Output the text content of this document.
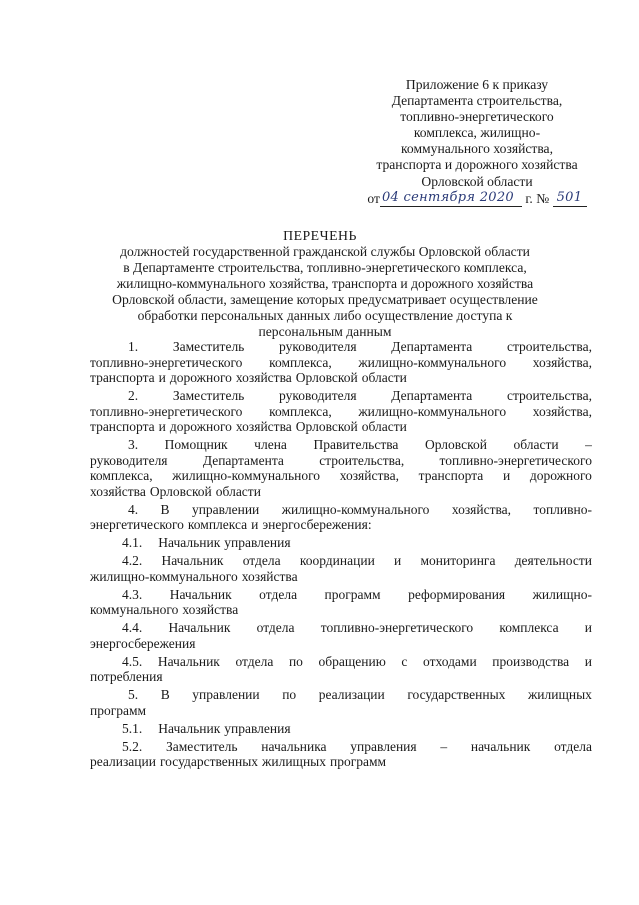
Приложение 6 к приказу
Департамента строительства,
топливно-энергетического
комплекса, жилищно-
коммунального хозяйства,
транспорта и дорожного хозяйства
Орловской области
от 04 сентября 2020 г. № 501
ПЕРЕЧЕНЬ
должностей государственной гражданской службы Орловской области
в Департаменте строительства, топливно-энергетического комплекса,
жилищно-коммунального хозяйства, транспорта и дорожного хозяйства
Орловской области, замещение которых предусматривает осуществление
обработки персональных данных либо осуществление доступа к
персональным данным
1.	Заместитель	руководителя	Департамента	строительства,
топливно-энергетического комплекса, жилищно-коммунального хозяйства,
транспорта и дорожного хозяйства Орловской области
2.	Заместитель	руководителя	Департамента	строительства,
топливно-энергетического комплекса, жилищно-коммунального хозяйства,
транспорта и дорожного хозяйства Орловской области
3. Помощник члена Правительства Орловской области –
руководителя	Департамента	строительства,	топливно-энергетического
комплекса, жилищно-коммунального хозяйства, транспорта и дорожного
хозяйства Орловской области
4. В управлении жилищно-коммунального хозяйства, топливно-
энергетического комплекса и энергосбережения:
4.1. Начальник управления
4.2. Начальник отдела координации и мониторинга деятельности
жилищно-коммунального хозяйства
4.3. Начальник отдела программ реформирования жилищно-
коммунального хозяйства
4.4. Начальник отдела топливно-энергетического комплекса и
энергосбережения
4.5. Начальник отдела по обращению с отходами производства и
потребления
5. В управлении по реализации государственных жилищных
программ
5.1. Начальник управления
5.2. Заместитель начальника управления – начальник отдела
реализации государственных жилищных программ
